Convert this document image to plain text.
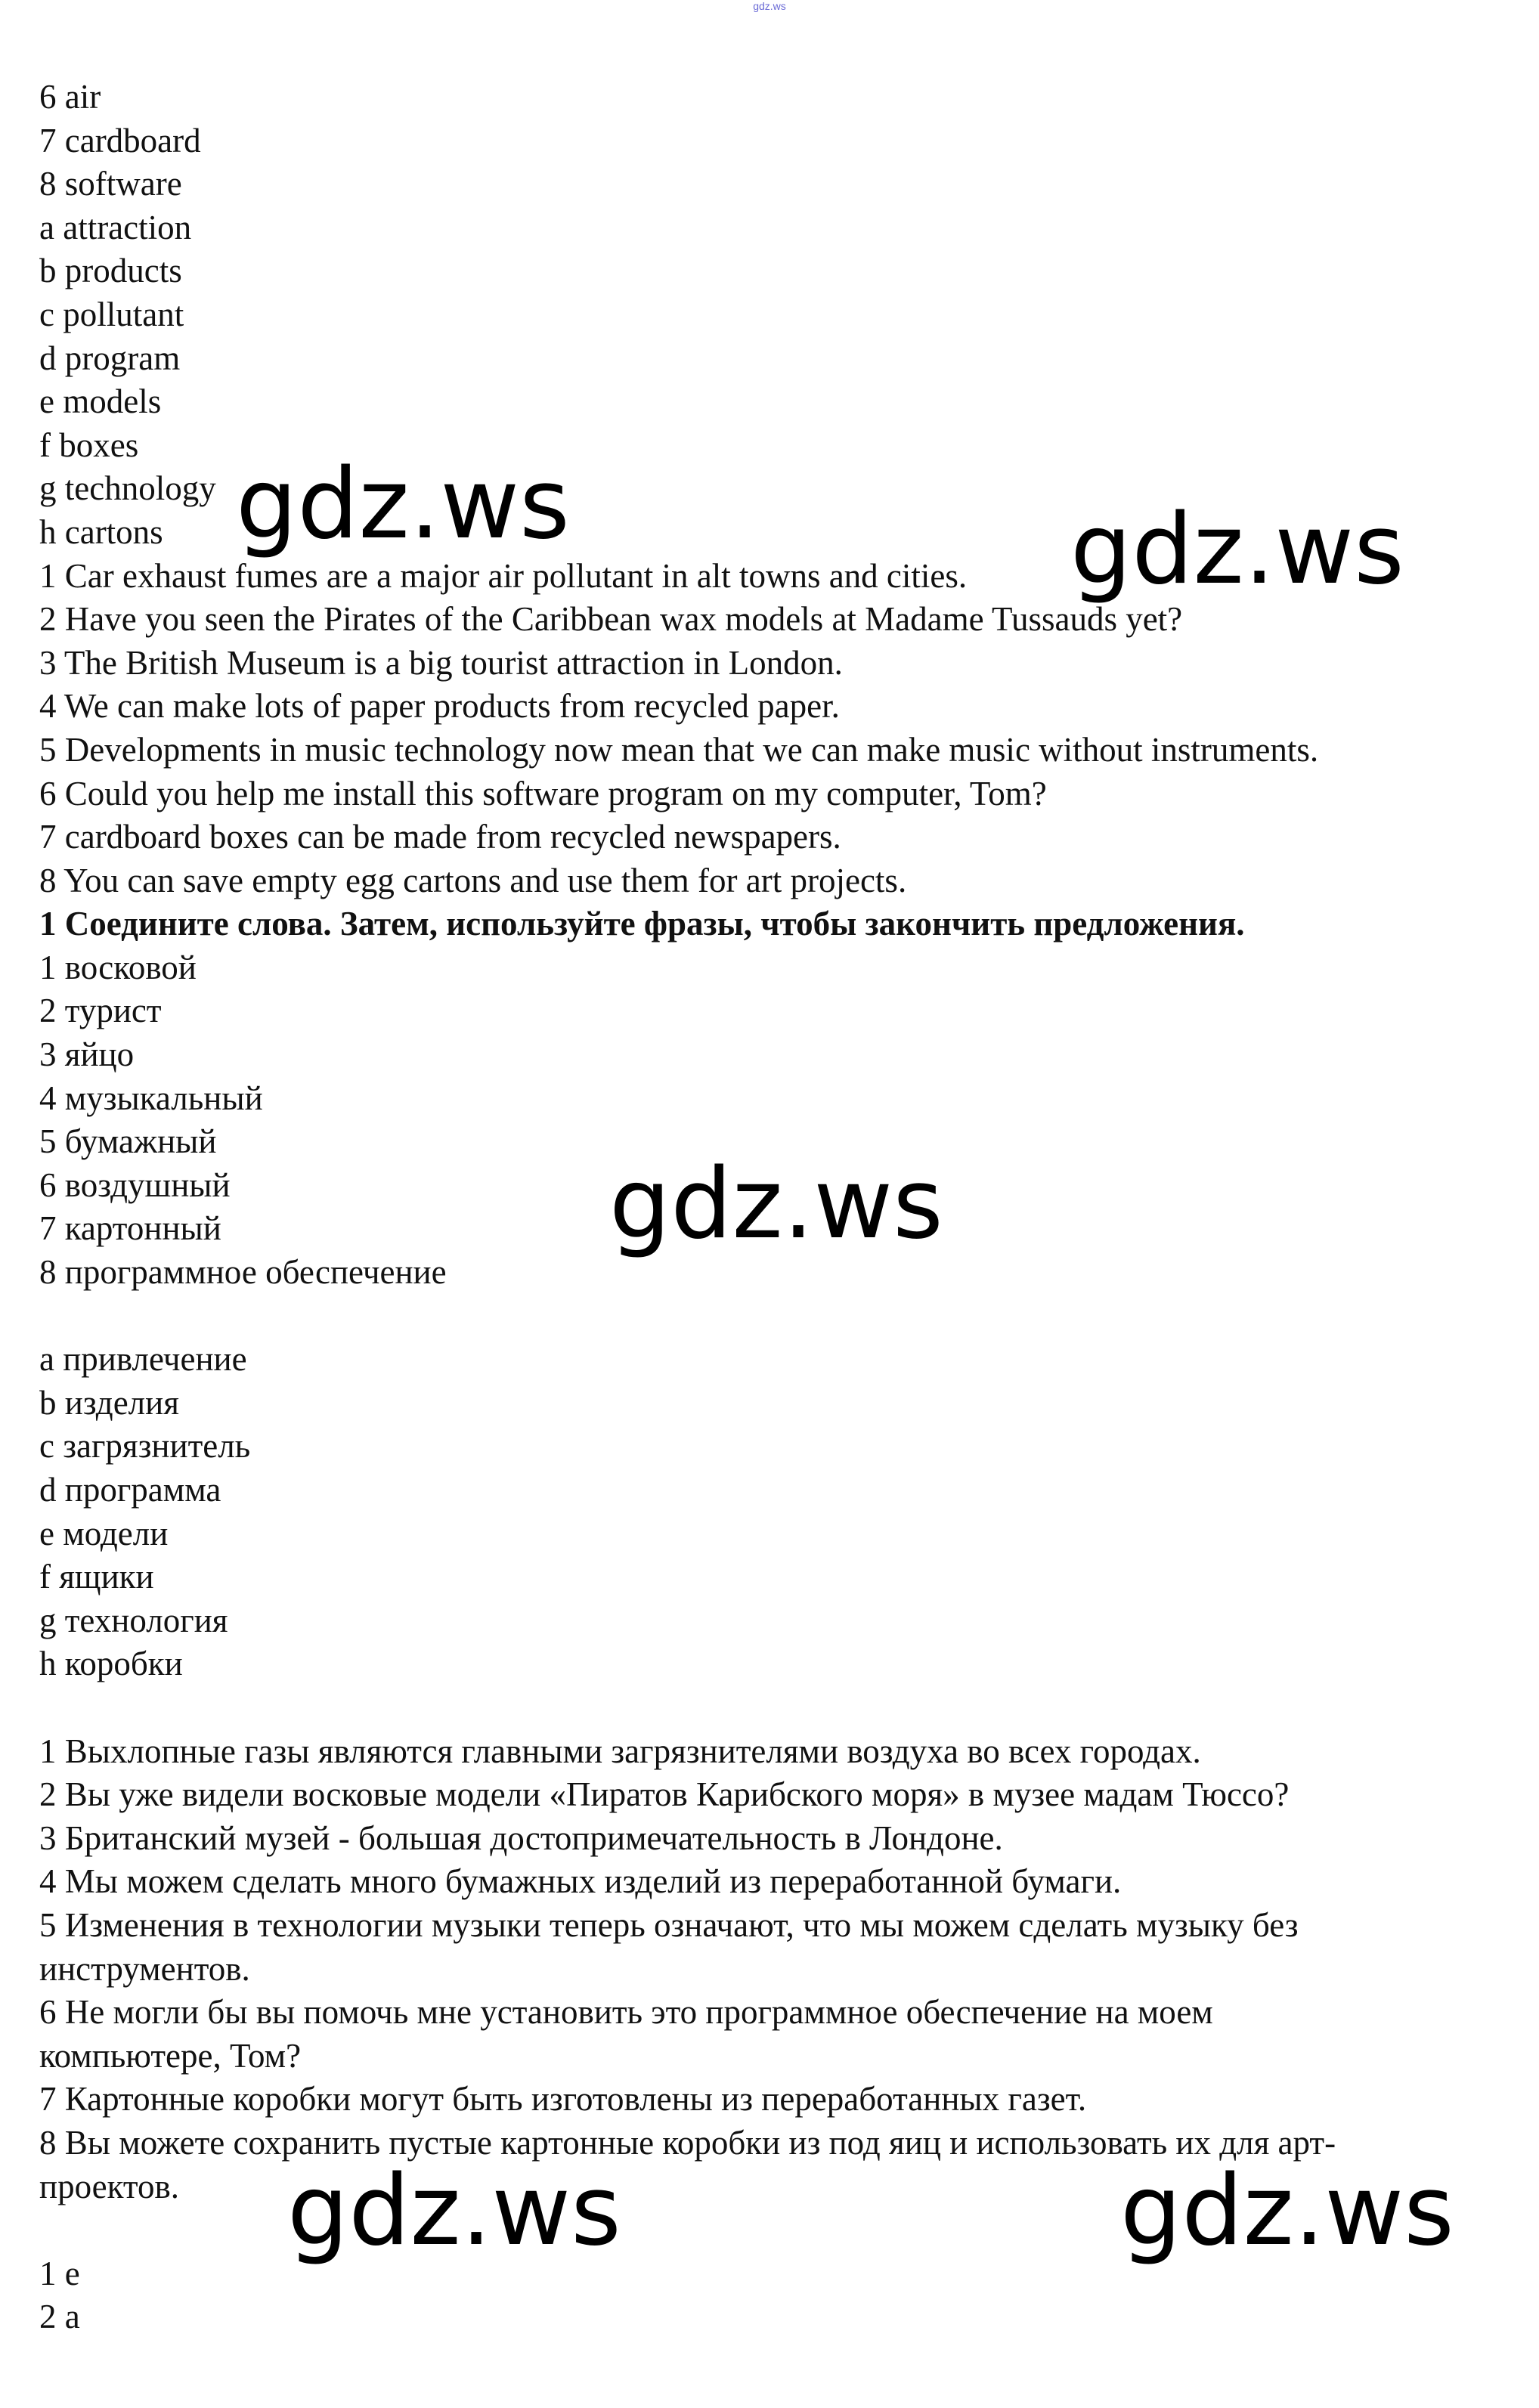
gdz.ws
6 air
7 cardboard
8 software
a attraction
b products
c pollutant
d program
e models
f boxes
g technology
h cartons
1 Car exhaust fumes are a major air pollutant in alt towns and cities.
2 Have you seen the Pirates of the Caribbean wax models at Madame Tussauds yet?
3 The British Museum is a big tourist attraction in London.
4 We can make lots of paper products from recycled paper.
5 Developments in music technology now mean that we can make music without instruments.
6 Could you help me install this software program on my computer, Tom?
7 cardboard boxes can be made from recycled newspapers.
8 You can save empty egg cartons and use them for art projects.
1 Соедините слова. Затем, используйте фразы, чтобы закончить предложения.
1 восковой
2 турист
3 яйцо
4 музыкальный
5 бумажный
6 воздушный
7 картонный
8 программное обеспечение
a привлечение
b изделия
c загрязнитель
d программа
e модели
f ящики
g технология
h коробки
1 Выхлопные газы являются главными загрязнителями воздуха во всех городах.
2 Вы уже видели восковые модели «Пиратов Карибского моря» в музее мадам Тюссо?
3 Британский музей - большая достопримечательность в Лондоне.
4 Мы можем сделать много бумажных изделий из переработанной бумаги.
5 Изменения в технологии музыки теперь означают, что мы можем сделать музыку без
инструментов.
6 Не могли бы вы помочь мне установить это программное обеспечение на моем
компьютере, Том?
7 Картонные коробки могут быть изготовлены из переработанных газет.
8 Вы можете сохранить пустые картонные коробки из под яиц и использовать их для арт-
проектов.
1 e
2 a
gdz.ws	gdz.ws
gdz.ws
gdz.ws	gdz.ws
